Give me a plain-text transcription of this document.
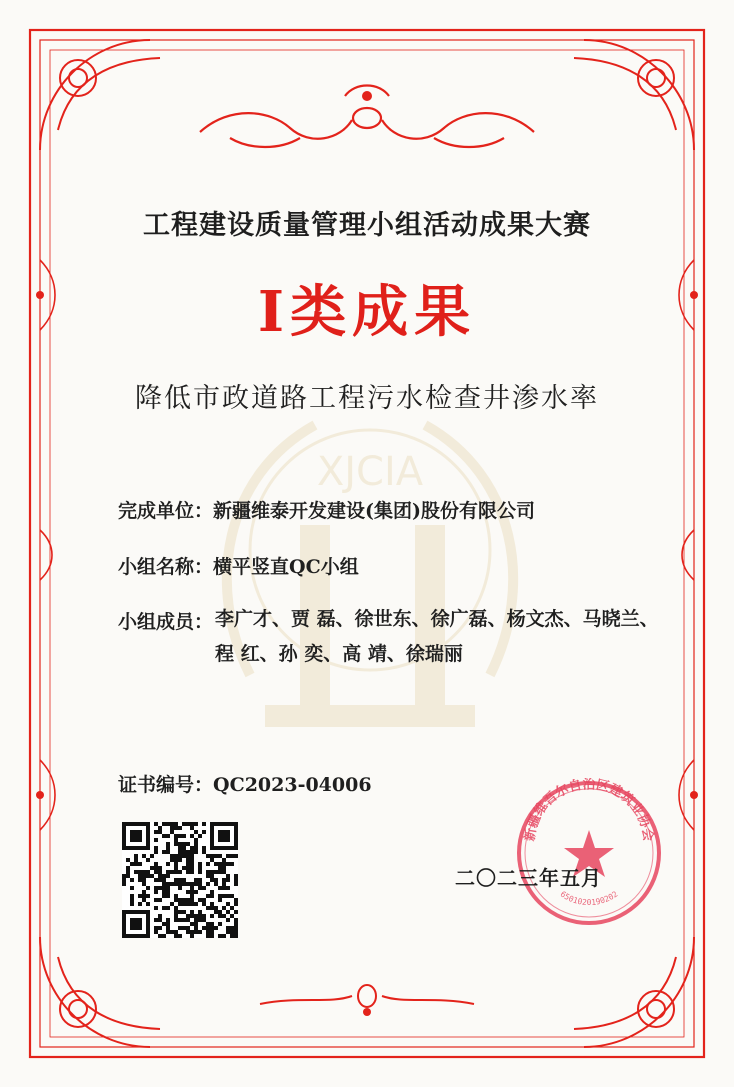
XJCIA
工程建设质量管理小组活动成果大赛
Ⅰ类成果
降低市政道路工程污水检查井渗水率
完成单位：新疆维泰开发建设(集团)股份有限公司
小组名称：横平竖直QC小组
小组成员： 李广才、贾 磊、徐世东、徐广磊、杨文杰、马晓兰、
程 红、孙 奕、高 靖、徐瑞丽
证书编号：QC2023-04006
新疆维吾尔自治区建筑业协会
6501020190202
二〇二三年五月
